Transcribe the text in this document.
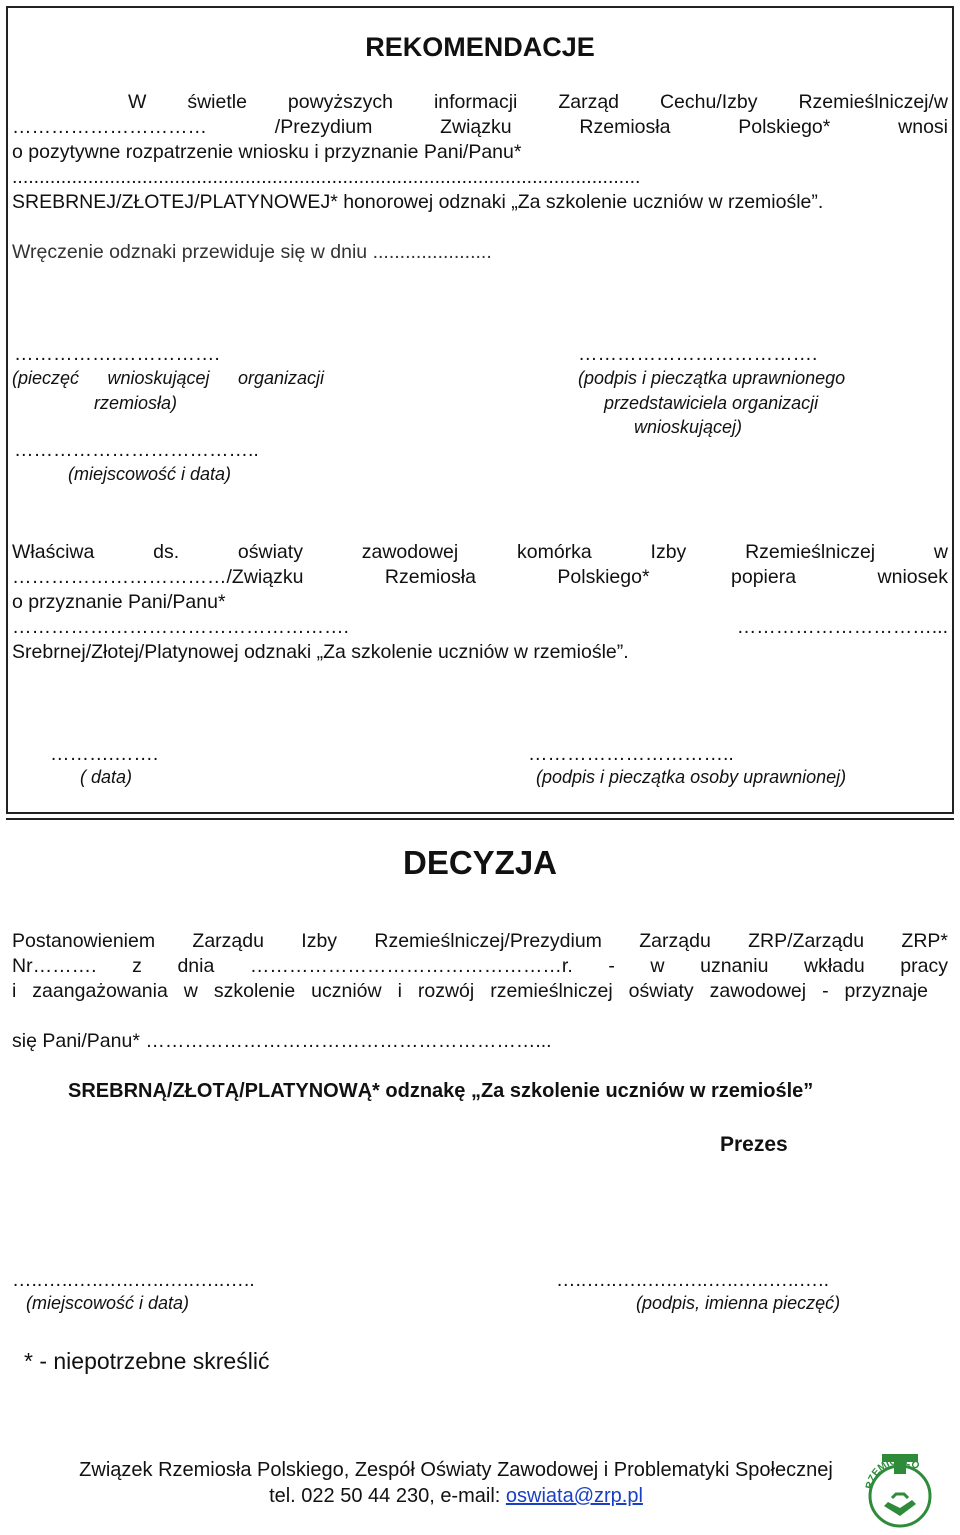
REKOMENDACJE
W świetle powyższych informacji Zarząd Cechu/Izby Rzemieślniczej/w
………………………… /Prezydium Związku Rzemiosła Polskiego* wnosi
o pozytywne rozpatrzenie wniosku i przyznanie Pani/Panu*
....................................................................................................................
SREBRNEJ/ZŁOTEJ/PLATYNOWEJ* honorowej odznaki „Za szkolenie uczniów w rzemiośle”.
Wręczenie odznaki przewiduje się w dniu ......................
…………….…………….
(pieczęć wnioskującej organizacji
rzemiosła)
………………………………..
(miejscowość i data)
……………………………….
(podpis i pieczątka uprawnionego
przedstawiciela organizacji
wnioskującej)
Właściwa ds. oświaty zawodowej komórka Izby Rzemieślniczej w
……………………………/Związku Rzemiosła Polskiego* popiera wniosek
o przyznanie Pani/Panu*
……………………………………………. …………………………...
Srebrnej/Złotej/Platynowej odznaki „Za szkolenie uczniów w rzemiośle”.
……….…….
( data)
…………………………..
(podpis i pieczątka osoby uprawnionej)
DECYZJA
Postanowieniem Zarządu Izby Rzemieślniczej/Prezydium Zarządu ZRP/Zarządu ZRP*
Nr………. z dnia …………………………………………r. - w uznaniu wkładu pracy
i zaangażowania w szkolenie uczniów i rozwój rzemieślniczej oświaty zawodowej - przyznaje
się Pani/Panu* ……………………………………………………...
SREBRNĄ/ZŁOTĄ/PLATYNOWĄ* odznakę „Za szkolenie uczniów w rzemiośle”
Prezes
…..…..…..…..…..…..…..…..
(miejscowość i data)
…..…..…..…..…..…..…..…..…..
(podpis, imienna pieczęć)
* - niepotrzebne skreślić
Związek Rzemiosła Polskiego, Zespół Oświaty Zawodowej i Problematyki Społecznej
tel. 022 50 44 230, e-mail: oswiata@zrp.pl	RZEMIOSŁO
